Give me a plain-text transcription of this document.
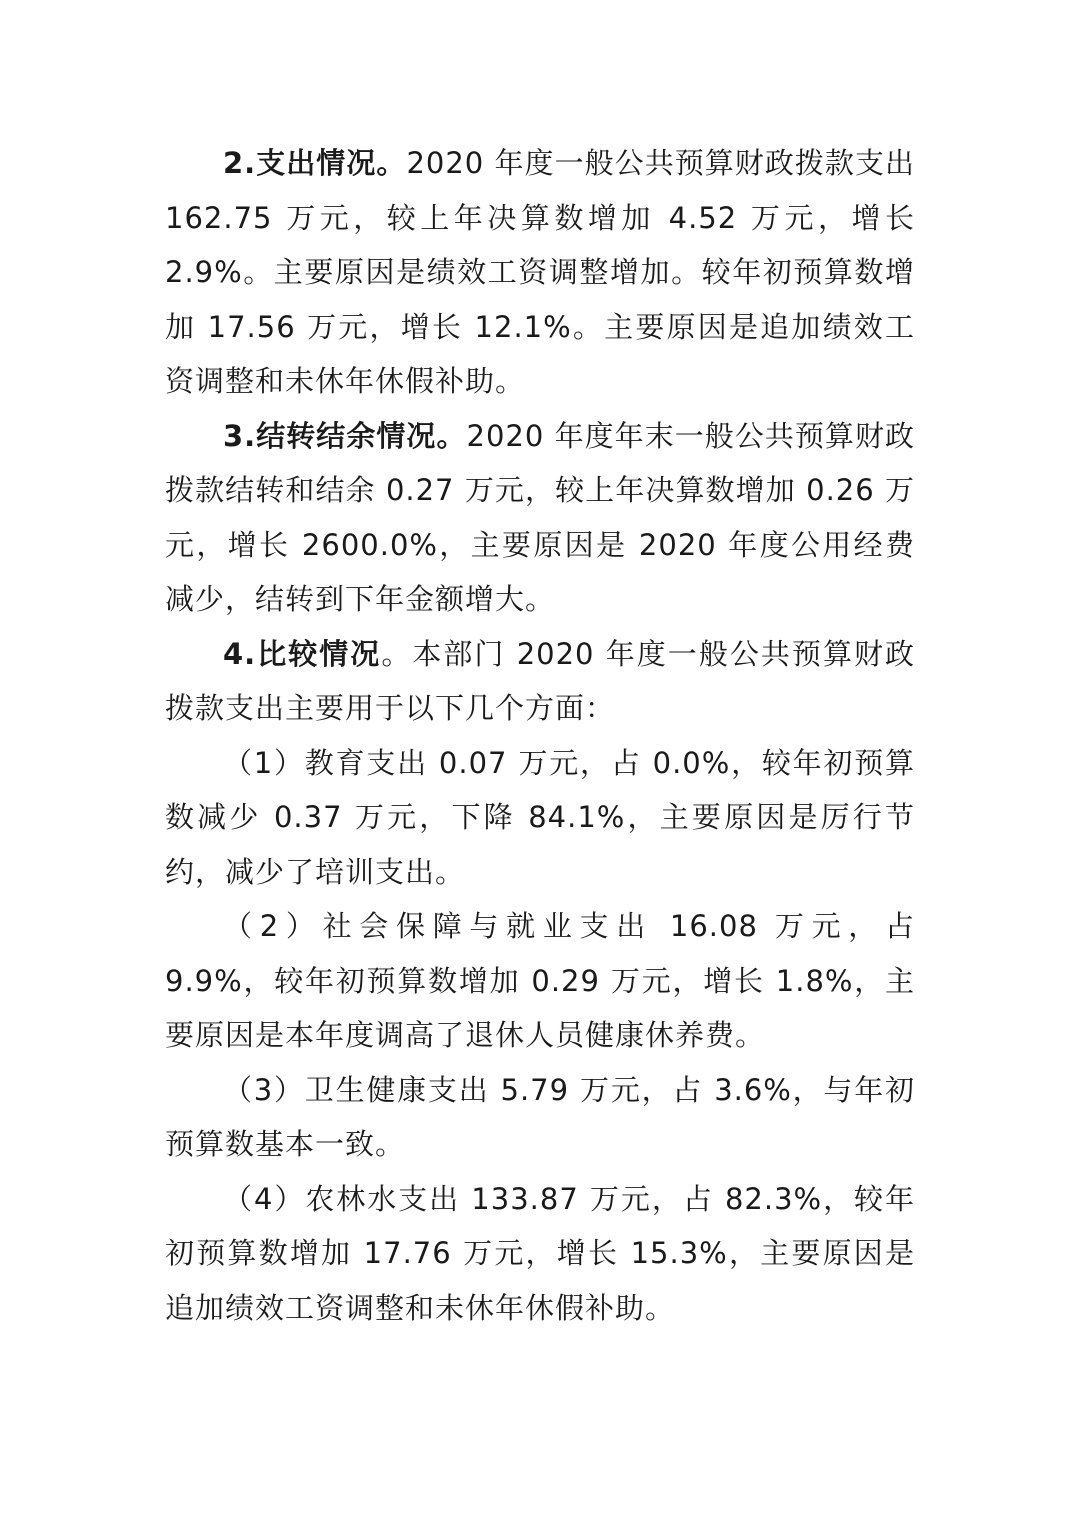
2.支出情况。2020 年度一般公共预算财政拨款支出 162.75 万元，较上年决算数增加 4.52 万元，增长 2.9%。主要原因是绩效工资调整增加。较年初预算数增加 17.56 万元，增长 12.1%。主要原因是追加绩效工资调整和未休年休假补助。

3.结转结余情况。2020 年度年末一般公共预算财政拨款结转和结余 0.27 万元，较上年决算数增加 0.26 万元，增长 2600.0%，主要原因是 2020 年度公用经费减少，结转到下年金额增大。

4.比较情况。本部门 2020 年度一般公共预算财政拨款支出主要用于以下几个方面：

（1）教育支出 0.07 万元，占 0.0%，较年初预算数减少 0.37 万元，下降 84.1%，主要原因是厉行节约，减少了培训支出。

（2）社会保障与就业支出 16.08 万元，占 9.9%，较年初预算数增加 0.29 万元，增长 1.8%，主要原因是本年度调高了退休人员健康休养费。

（3）卫生健康支出 5.79 万元，占 3.6%，与年初预算数基本一致。

（4）农林水支出 133.87 万元，占 82.3%，较年初预算数增加 17.76 万元，增长 15.3%，主要原因是追加绩效工资调整和未休年休假补助。
